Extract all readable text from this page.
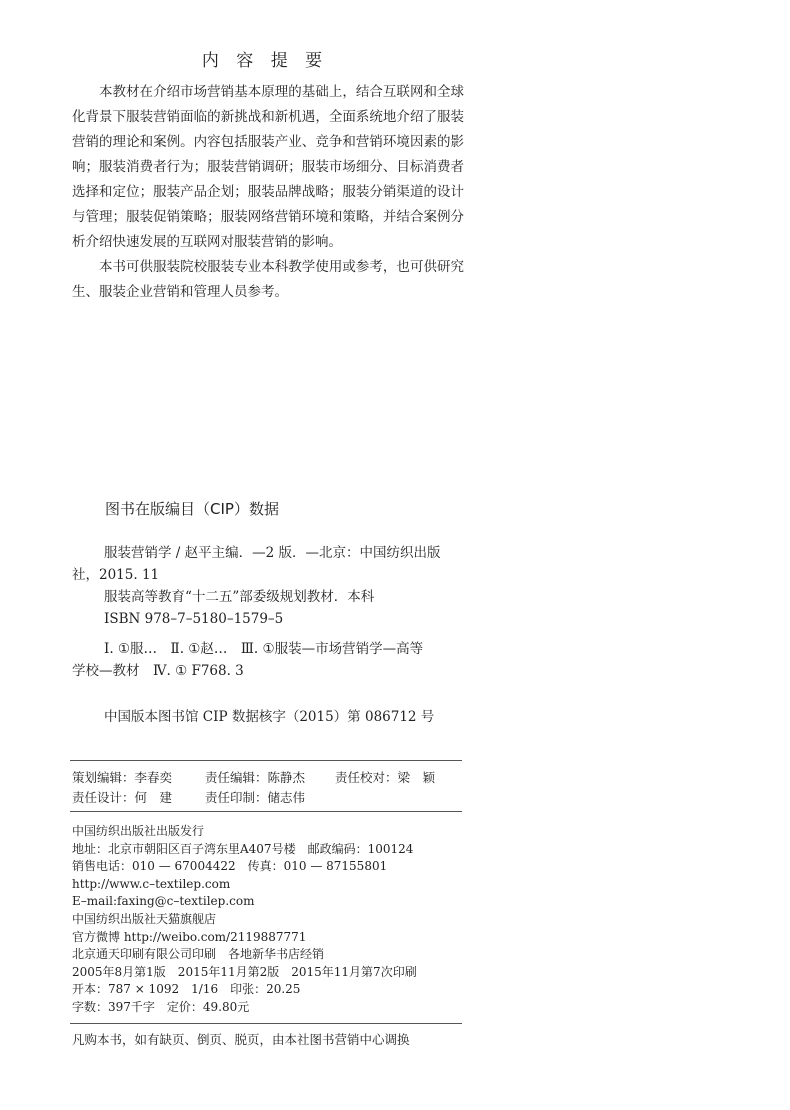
内 容 提 要

本教材在介绍市场营销基本原理的基础上，结合互联网和全球化背景下服装营销面临的新挑战和新机遇，全面系统地介绍了服装营销的理论和案例。内容包括服装产业、竞争和营销环境因素的影响；服装消费者行为；服装营销调研；服装市场细分、目标消费者选择和定位；服装产品企划；服装品牌战略；服装分销渠道的设计与管理；服装促销策略；服装网络营销环境和策略，并结合案例分析介绍快速发展的互联网对服装营销的影响。

本书可供服装院校服装专业本科教学使用或参考，也可供研究生、服装企业营销和管理人员参考。

图书在版编目（CIP）数据
服装营销学 / 赵平主编．—2 版．—北京：中国纺织出版
社，2015. 11
服装高等教育“十二五”部委级规划教材．本科
ISBN 978–7–5180–1579–5
Ⅰ. ①服…　Ⅱ. ①赵…　Ⅲ. ①服装—市场营销学—高等
学校—教材　Ⅳ. ① F768. 3
中国版本图书馆 CIP 数据核字（2015）第 086712 号
策划编辑：李春奕	责任编辑：陈静杰 责任校对：梁　颖
责任设计：何　建	责任印制：储志伟
中国纺织出版社出版发行
地址：北京市朝阳区百子湾东里A407号楼　邮政编码：100124
销售电话：010 — 67004422　传真：010 — 87155801
http://www.c–textilep.com
E–mail:faxing@c–textilep.com
中国纺织出版社天猫旗舰店
官方微博 http://weibo.com/2119887771
北京通天印刷有限公司印刷　各地新华书店经销
2005年8月第1版　2015年11月第2版　2015年11月第7次印刷
开本：787 × 1092　1/16　印张：20.25
字数：397千字　定价：49.80元
凡购本书，如有缺页、倒页、脱页，由本社图书营销中心调换
